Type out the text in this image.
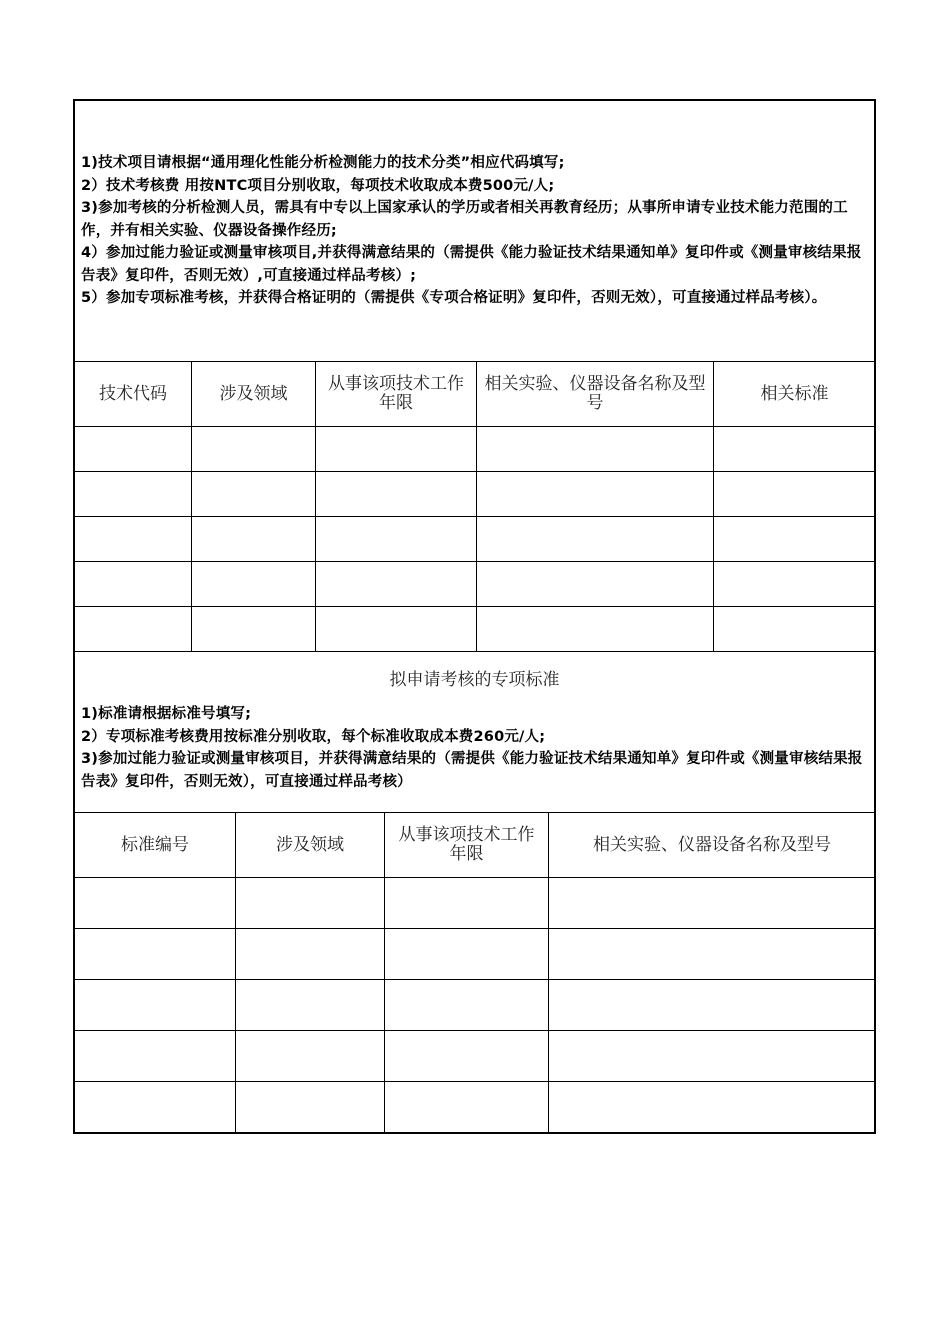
1)技术项目请根据“通用理化性能分析检测能力的技术分类”相应代码填写;

2）技术考核费 用按NTC项目分别收取，每项技术收取成本费500元/人;

3)参加考核的分析检测人员，需具有中专以上国家承认的学历或者相关再教育经历；从事所申请专业技术能力范围的工作，并有相关实验、仪器设备操作经历;

4）参加过能力验证或测量审核项目,并获得满意结果的（需提供《能力验证技术结果通知单》复印件或《测量审核结果报告表》复印件，否则无效）,可直接通过样品考核）;

5）参加专项标准考核，并获得合格证明的（需提供《专项合格证明》复印件，否则无效），可直接通过样品考核）。

技术代码	涉及领域	从事该项技术工作年限	相关实验、仪器设备名称及型号	相关标准

拟申请考核的专项标准

1)标准请根据标准号填写;

2）专项标准考核费用按标准分别收取，每个标准收取成本费260元/人;

3)参加过能力验证或测量审核项目，并获得满意结果的（需提供《能力验证技术结果通知单》复印件或《测量审核结果报告表》复印件，否则无效），可直接通过样品考核）

标准编号	涉及领域	从事该项技术工作年限	相关实验、仪器设备名称及型号
